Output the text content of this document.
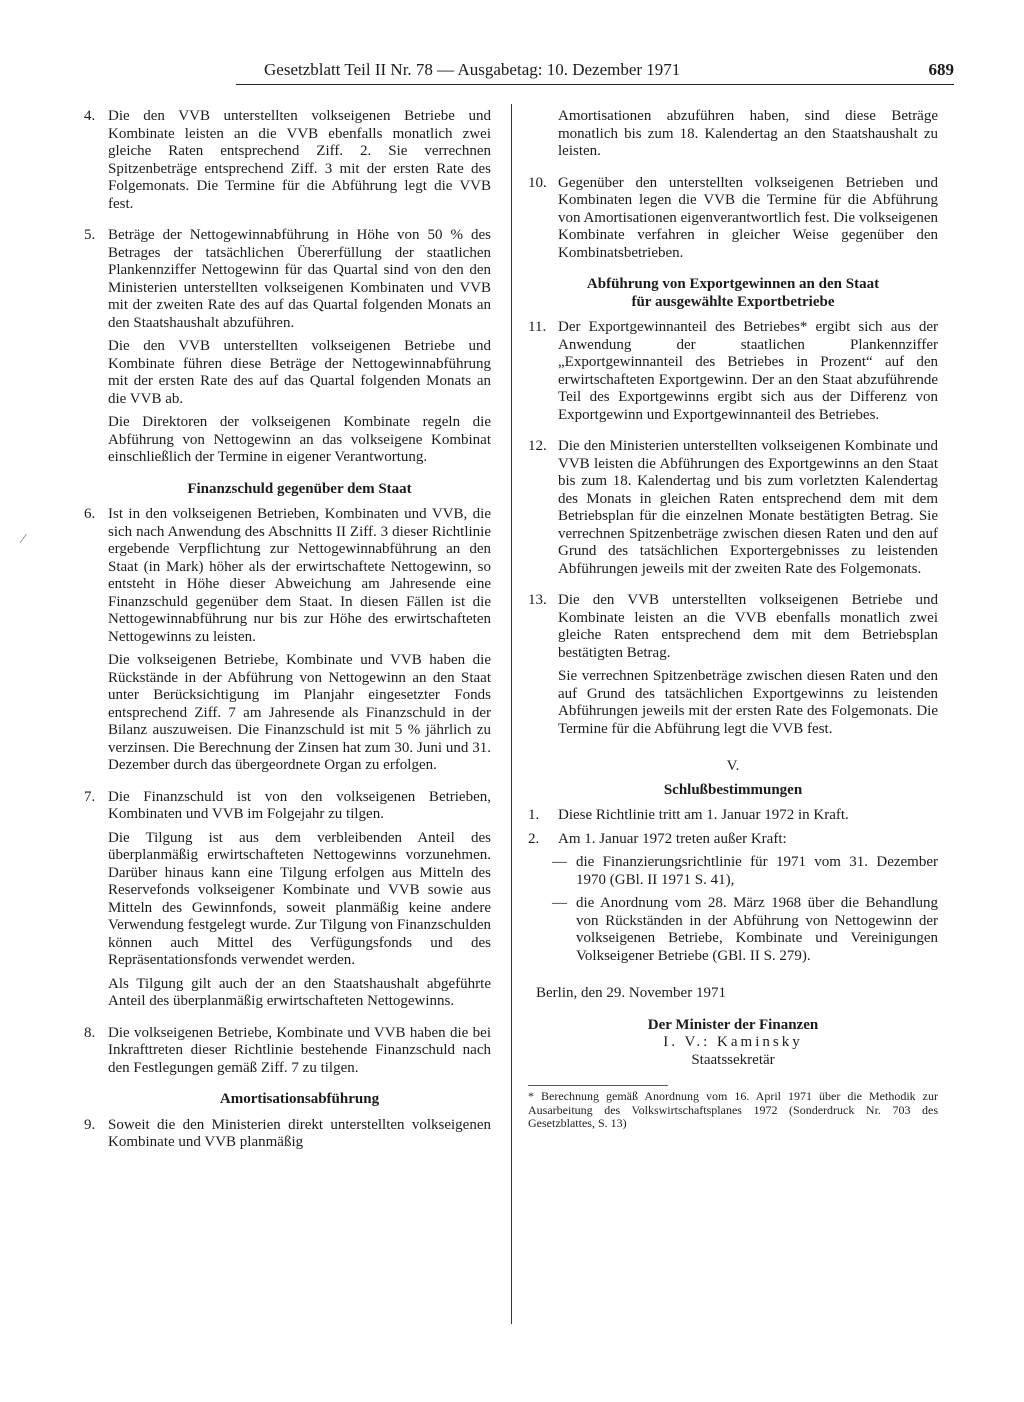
Gesetzblatt Teil II Nr. 78 — Ausgabetag: 10. Dezember 1971	689
⁄
4. Die den VVB unterstellten volkseigenen Betriebe und Kombinate leisten an die VVB ebenfalls monatlich zwei gleiche Raten entsprechend Ziff. 2. Sie verrechnen Spitzenbeträge entsprechend Ziff. 3 mit der ersten Rate des Folgemonats. Die Termine für die Abführung legt die VVB fest.

5. Beträge der Nettogewinnabführung in Höhe von 50 % des Betrages der tatsächlichen Übererfüllung der staatlichen Plankennziffer Nettogewinn für das Quartal sind von den den Ministerien unterstellten volkseigenen Kombinaten und VVB mit der zweiten Rate des auf das Quartal folgenden Monats an den Staatshaushalt abzuführen.

Die den VVB unterstellten volkseigenen Betriebe und Kombinate führen diese Beträge der Nettogewinnabführung mit der ersten Rate des auf das Quartal folgenden Monats an die VVB ab.

Die Direktoren der volkseigenen Kombinate regeln die Abführung von Nettogewinn an das volkseigene Kombinat einschließlich der Termine in eigener Verantwortung.

Finanzschuld gegenüber dem Staat

6. Ist in den volkseigenen Betrieben, Kombinaten und VVB, die sich nach Anwendung des Abschnitts II Ziff. 3 dieser Richtlinie ergebende Verpflichtung zur Nettogewinnabführung an den Staat (in Mark) höher als der erwirtschaftete Nettogewinn, so entsteht in Höhe dieser Abweichung am Jahresende eine Finanzschuld gegenüber dem Staat. In diesen Fällen ist die Nettogewinnabführung nur bis zur Höhe des erwirtschafteten Nettogewinns zu leisten.

Die volkseigenen Betriebe, Kombinate und VVB haben die Rückstände in der Abführung von Nettogewinn an den Staat unter Berücksichtigung im Planjahr eingesetzter Fonds entsprechend Ziff. 7 am Jahresende als Finanzschuld in der Bilanz auszuweisen. Die Finanzschuld ist mit 5 % jährlich zu verzinsen. Die Berechnung der Zinsen hat zum 30. Juni und 31. Dezember durch das übergeordnete Organ zu erfolgen.

7. Die Finanzschuld ist von den volkseigenen Betrieben, Kombinaten und VVB im Folgejahr zu tilgen.

Die Tilgung ist aus dem verbleibenden Anteil des überplanmäßig erwirtschafteten Nettogewinns vorzunehmen. Darüber hinaus kann eine Tilgung erfolgen aus Mitteln des Reservefonds volkseigener Kombinate und VVB sowie aus Mitteln des Gewinnfonds, soweit planmäßig keine andere Verwendung festgelegt wurde. Zur Tilgung von Finanzschulden können auch Mittel des Verfügungsfonds und des Repräsentationsfonds verwendet werden.

Als Tilgung gilt auch der an den Staatshaushalt abgeführte Anteil des überplanmäßig erwirtschafteten Nettogewinns.

8. Die volkseigenen Betriebe, Kombinate und VVB haben die bei Inkrafttreten dieser Richtlinie bestehende Finanzschuld nach den Festlegungen gemäß Ziff. 7 zu tilgen.

Amortisationsabführung

9. Soweit die den Ministerien direkt unterstellten volkseigenen Kombinate und VVB planmäßig

Amortisationen abzuführen haben, sind diese Beträge monatlich bis zum 18. Kalendertag an den Staatshaushalt zu leisten.

10. Gegenüber den unterstellten volkseigenen Betrieben und Kombinaten legen die VVB die Termine für die Abführung von Amortisationen eigenverantwortlich fest. Die volkseigenen Kombinate verfahren in gleicher Weise gegenüber den Kombinatsbetrieben.

Abführung von Exportgewinnen an den Staat

für ausgewählte Exportbetriebe

11. Der Exportgewinnanteil des Betriebes* ergibt sich aus der Anwendung der staatlichen Plankennziffer „Exportgewinnanteil des Betriebes in Prozent“ auf den erwirtschafteten Exportgewinn. Der an den Staat abzuführende Teil des Exportgewinns ergibt sich aus der Differenz von Exportgewinn und Exportgewinnanteil des Betriebes.

12. Die den Ministerien unterstellten volkseigenen Kombinate und VVB leisten die Abführungen des Exportgewinns an den Staat bis zum 18. Kalendertag und bis zum vorletzten Kalendertag des Monats in gleichen Raten entsprechend dem mit dem Betriebsplan für die einzelnen Monate bestätigten Betrag. Sie verrechnen Spitzenbeträge zwischen diesen Raten und den auf Grund des tatsächlichen Exportergebnisses zu leistenden Abführungen jeweils mit der zweiten Rate des Folgemonats.

13. Die den VVB unterstellten volkseigenen Betriebe und Kombinate leisten an die VVB ebenfalls monatlich zwei gleiche Raten entsprechend dem mit dem Betriebsplan bestätigten Betrag.

Sie verrechnen Spitzenbeträge zwischen diesen Raten und den auf Grund des tatsächlichen Exportgewinns zu leistenden Abführungen jeweils mit der ersten Rate des Folgemonats. Die Termine für die Abführung legt die VVB fest.

V.

Schlußbestimmungen

1. Diese Richtlinie tritt am 1. Januar 1972 in Kraft.

2. Am 1. Januar 1972 treten außer Kraft:

— die Finanzierungsrichtlinie für 1971 vom 31. Dezember 1970 (GBl. II 1971 S. 41),

— die Anordnung vom 28. März 1968 über die Behandlung von Rückständen in der Abführung von Nettogewinn der volkseigenen Betriebe, Kombinate und Vereinigungen Volkseigener Betriebe (GBl. II S. 279).

Berlin, den 29. November 1971

Der Minister der Finanzen
I. V.: Kaminsky
Staatssekretär
* Berechnung gemäß Anordnung vom 16. April 1971 über die Methodik zur Ausarbeitung des Volkswirtschaftsplanes 1972 (Sonderdruck Nr. 703 des Gesetzblattes, S. 13)
